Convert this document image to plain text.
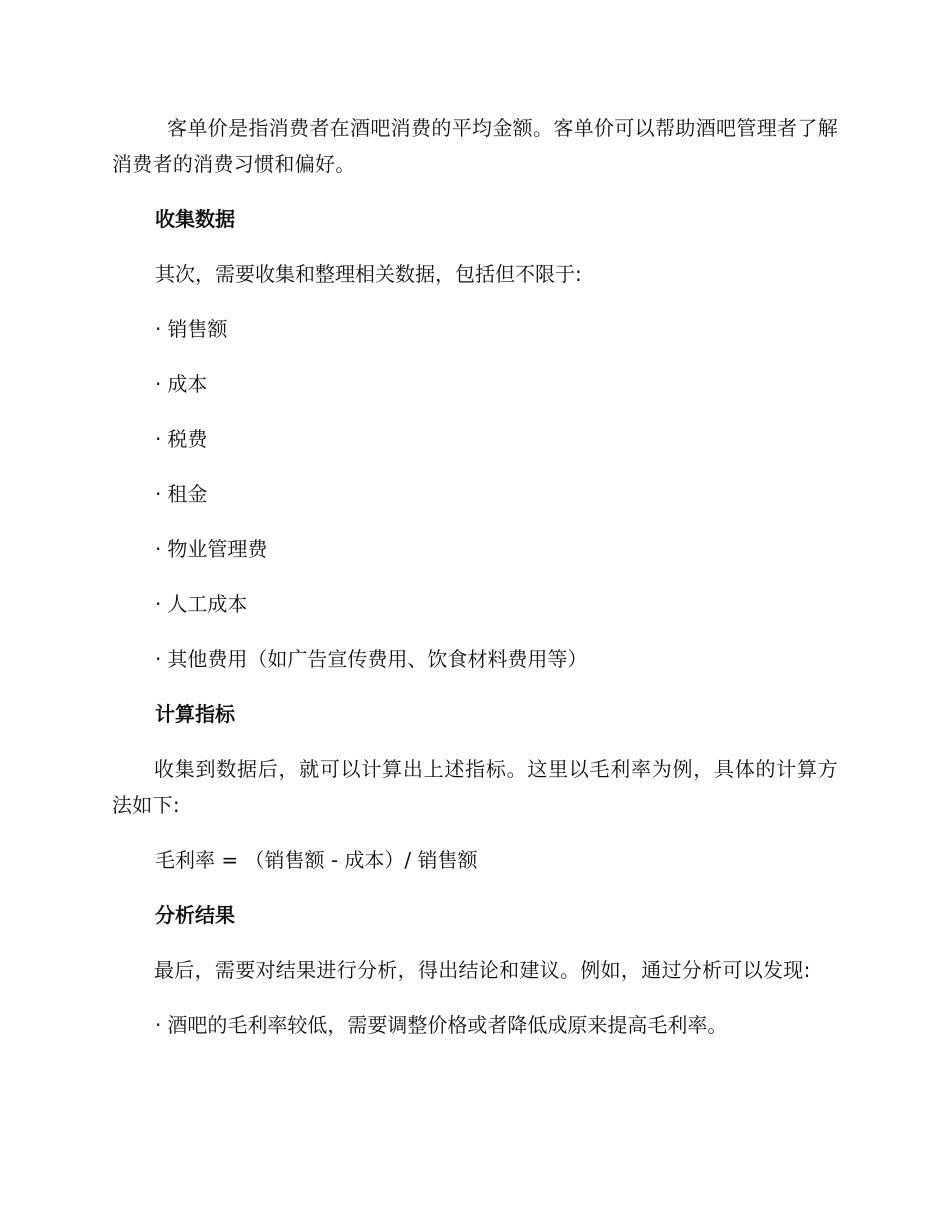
客单价是指消费者在酒吧消费的平均金额。客单价可以帮助酒吧管理者了解消费者的消费习惯和偏好。

收集数据
其次，需要收集和整理相关数据，包括但不限于:
· 销售额
· 成本
· 税费
· 租金
· 物业管理费
· 人工成本
· 其他费用（如广告宣传费用、饮食材料费用等）
计算指标

收集到数据后，就可以计算出上述指标。这里以毛利率为例，具体的计算方法如下:

毛利率 = （销售额 - 成本）/ 销售额
分析结果

最后，需要对结果进行分析，得出结论和建议。例如，通过分析可以发现:

· 酒吧的毛利率较低，需要调整价格或者降低成原来提高毛利率。
